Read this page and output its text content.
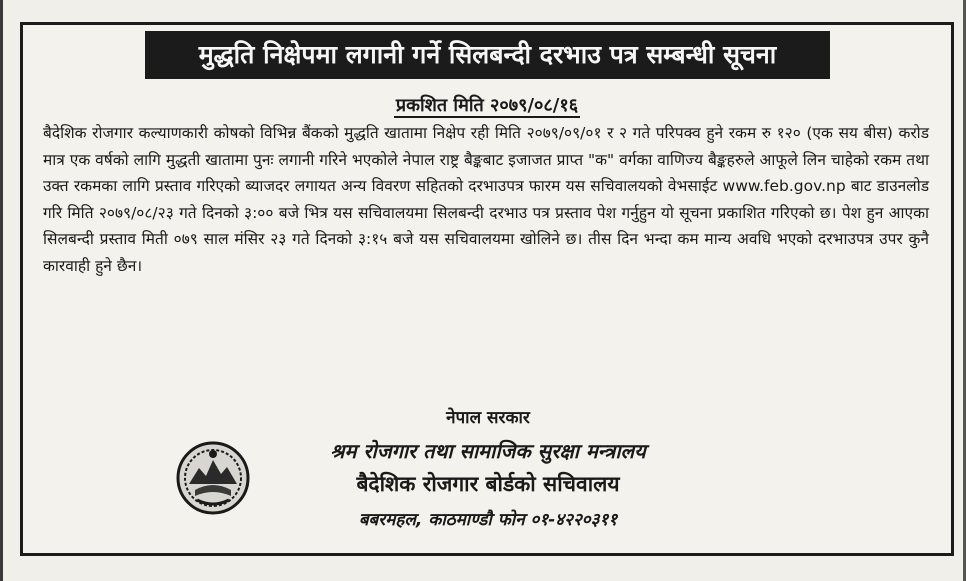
मुद्धति निक्षेपमा लगानी गर्ने सिलबन्दी दरभाउ पत्र सम्बन्धी सूचना
प्रकशित मिति २०७९/०८/१६
बैदेशिक रोजगार कल्याणकारी कोषको विभिन्न बैंकको मुद्धति खातामा निक्षेप रही मिति २०७९/०९/०१ र २ गते परिपक्व हुने रकम रु १२० (एक सय बीस) करोड मात्र एक वर्षको लागि मुद्धती खातामा पुनः लगानी गरिने भएकोले नेपाल राष्ट्र बैङ्कबाट इजाजत प्राप्त "क" वर्गका वाणिज्य बैङ्कहरुले आफूले लिन चाहेको रकम तथा उक्त रकमका लागि प्रस्ताव गरिएको ब्याजदर लगायत अन्य विवरण सहितको दरभाउपत्र फारम यस सचिवालयको वेभसाईट www.feb.gov.np बाट डाउनलोड गरि मिति २०७९/०८/२३ गते दिनको ३:०० बजे भित्र यस सचिवालयमा सिलबन्दी दरभाउ पत्र प्रस्ताव पेश गर्नुहुन यो सूचना प्रकाशित गरिएको छ। पेश हुन आएका सिलबन्दी प्रस्ताव मिती ०७९ साल मंसिर २३ गते दिनको ३:१५ बजे यस सचिवालयमा खोलिने छ। तीस दिन भन्दा कम मान्य अवधि भएको दरभाउपत्र उपर कुनै कारवाही हुने छैन।
नेपाल सरकार
श्रम रोजगार तथा सामाजिक सुरक्षा मन्त्रालय
बैदेशिक रोजगार बोर्डको सचिवालय
बबरमहल, काठमाण्डौ फोन ०१-४२२०३११
